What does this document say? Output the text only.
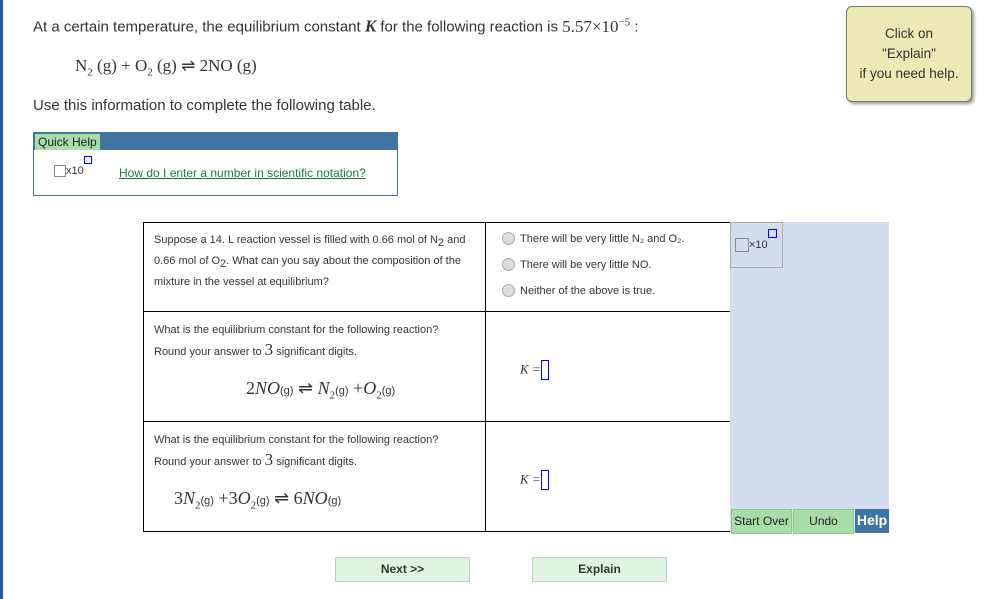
At a certain temperature, the equilibrium constant K for the following reaction is $5.57\times 10^{-5}$ :
$N_2$ $(g) + O_2$ (g) ⇌ 2NO (g)
Use this information to complete the following table.
Quick Help
x10	How do I enter a number in scientific notation?
Suppose a 14. L reaction vessel is filled with 0.66 mol of $N_2$ and 0.66 mol of $O_2$. What can you say about the composition of the mixture in the vessel at equilibrium?	There will be very little N₂ and O₂.
There will be very little NO.
Neither of the above is true.

What is the equilibrium constant for the following reaction?
Round your answer to 3 significant digits.
2NO(g) ⇌ $N_2(g) +O_2(g)$	K =

What is the equilibrium constant for the following reaction?
Round your answer to 3 significant digits.
$3N_2(g) +3O_2(g)$ ⇌ 6NO(g)	K =
×10
Start Over	Undo	Help
Next >>	Explain
Click on
"Explain"
if you need help.
